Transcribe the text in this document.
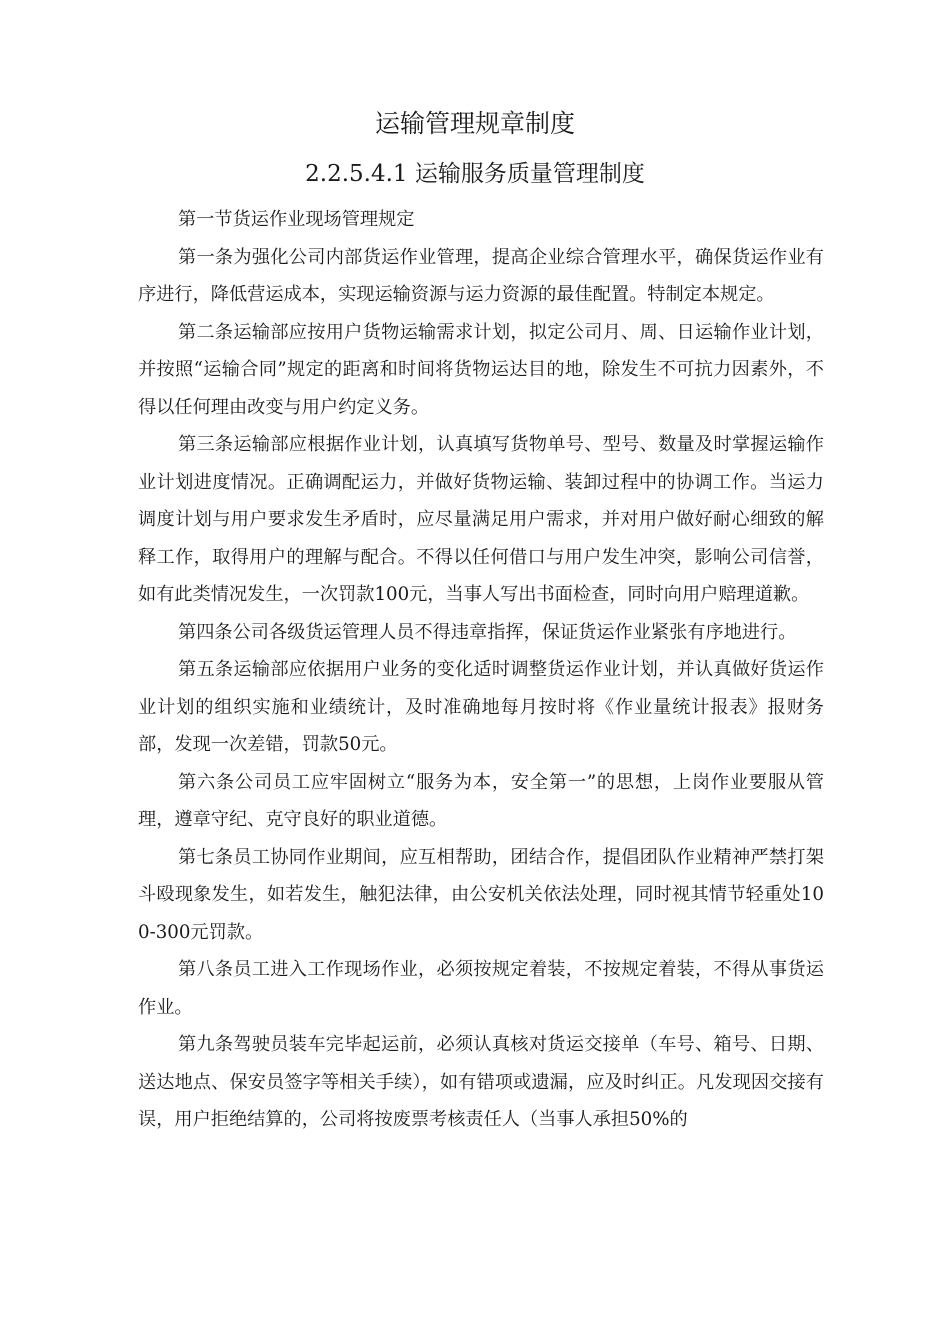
运输管理规章制度
2.2.5.4.1 运输服务质量管理制度

第一节货运作业现场管理规定

第一条为强化公司内部货运作业管理，提高企业综合管理水平，确保货运作业有序进行，降低营运成本，实现运输资源与运力资源的最佳配置。特制定本规定。

第二条运输部应按用户货物运输需求计划，拟定公司月、周、日运输作业计划，并按照“运输合同”规定的距离和时间将货物运达目的地，除发生不可抗力因素外，不得以任何理由改变与用户约定义务。

第三条运输部应根据作业计划，认真填写货物单号、型号、数量及时掌握运输作业计划进度情况。正确调配运力，并做好货物运输、装卸过程中的协调工作。当运力调度计划与用户要求发生矛盾时，应尽量满足用户需求，并对用户做好耐心细致的解释工作，取得用户的理解与配合。不得以任何借口与用户发生冲突，影响公司信誉，如有此类情况发生，一次罚款100元，当事人写出书面检查，同时向用户赔理道歉。

第四条公司各级货运管理人员不得违章指挥，保证货运作业紧张有序地进行。

第五条运输部应依据用户业务的变化适时调整货运作业计划，并认真做好货运作业计划的组织实施和业绩统计，及时准确地每月按时将《作业量统计报表》报财务部，发现一次差错，罚款50元。

第六条公司员工应牢固树立“服务为本，安全第一”的思想，上岗作业要服从管理，遵章守纪、克守良好的职业道德。

第七条员工协同作业期间，应互相帮助，团结合作，提倡团队作业精神严禁打架斗殴现象发生，如若发生，触犯法律，由公安机关依法处理，同时视其情节轻重处100-300元罚款。

第八条员工进入工作现场作业，必须按规定着装，不按规定着装，不得从事货运作业。

第九条驾驶员装车完毕起运前，必须认真核对货运交接单（车号、箱号、日期、送达地点、保安员签字等相关手续），如有错项或遗漏，应及时纠正。凡发现因交接有误，用户拒绝结算的，公司将按废票考核责任人（当事人承担50%的
